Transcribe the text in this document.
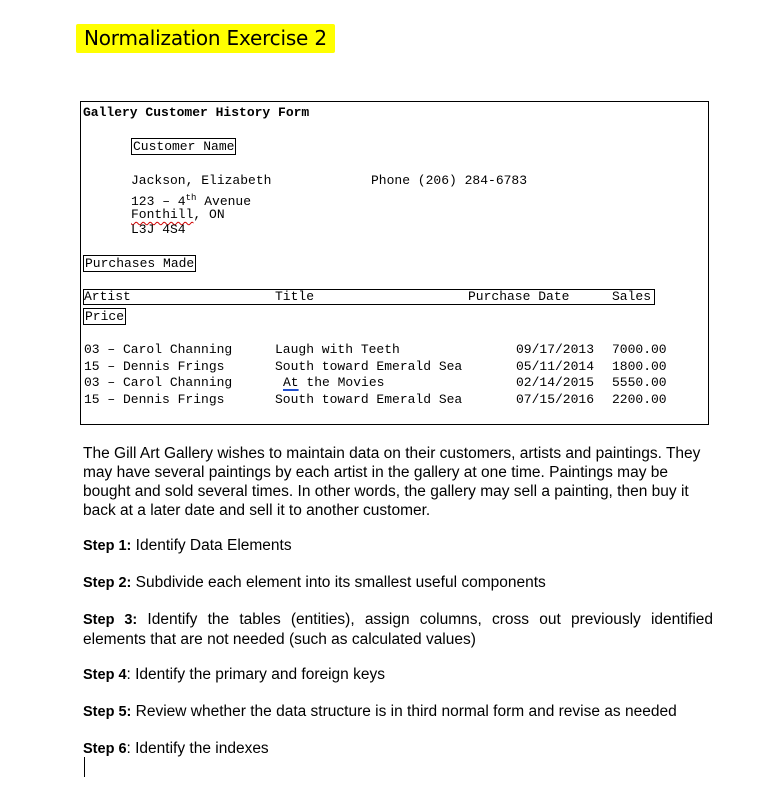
Normalization Exercise 2
Gallery Customer History Form
Customer Name
Jackson, Elizabeth	Phone (206) 284-6783
123 – 4th Avenue
Fonthill, ON
L3J 4S4
Purchases Made
Artist	Title	Purchase Date	Sales
Price
03 – Carol Channing	Laugh with Teeth	09/17/2013 7000.00
15 – Dennis Frings	South toward Emerald Sea	05/11/2014 1800.00
03 – Carol Channing	At the Movies	02/14/2015 5550.00
15 – Dennis Frings	South toward Emerald Sea	07/15/2016 2200.00
The Gill Art Gallery wishes to maintain data on their customers, artists and paintings. They may have several paintings by each artist in the gallery at one time. Paintings may be bought and sold several times. In other words, the gallery may sell a painting, then buy it back at a later date and sell it to another customer.
Step 1: Identify Data Elements
Step 2: Subdivide each element into its smallest useful components
Step 3: Identify the tables (entities), assign columns, cross out previously identified elements that are not needed (such as calculated values)
Step 4: Identify the primary and foreign keys
Step 5: Review whether the data structure is in third normal form and revise as needed
Step 6: Identify the indexes
